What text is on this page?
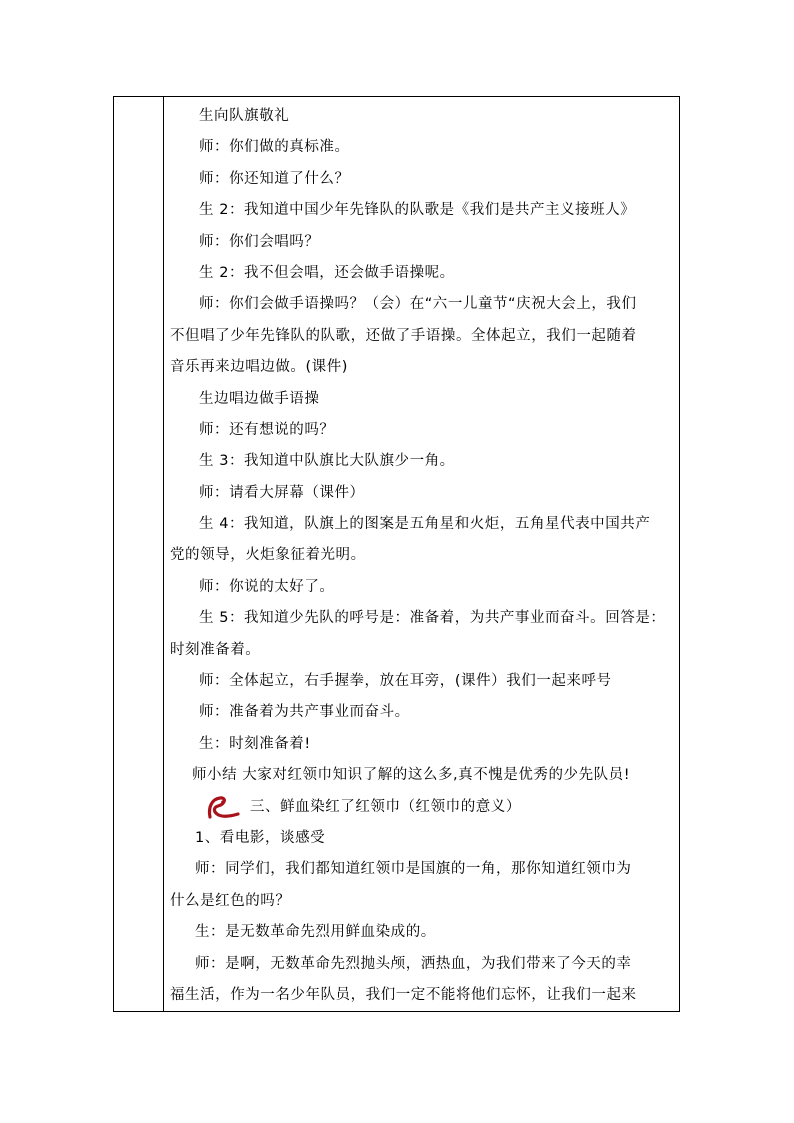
生向队旗敬礼
师：你们做的真标准。
师：你还知道了什么？
生 2：我知道中国少年先锋队的队歌是《我们是共产主义接班人》
师：你们会唱吗？
生 2：我不但会唱，还会做手语操呢。
师：你们会做手语操吗？（会）在“六一儿童节“庆祝大会上，我们
不但唱了少年先锋队的队歌，还做了手语操。全体起立，我们一起随着
音乐再来边唱边做。(课件)
生边唱边做手语操
师：还有想说的吗？
生 3：我知道中队旗比大队旗少一角。
师：请看大屏幕（课件）
生 4：我知道，队旗上的图案是五角星和火炬，五角星代表中国共产
党的领导，火炬象征着光明。
师：你说的太好了。
生 5：我知道少先队的呼号是：准备着，为共产事业而奋斗。回答是：
时刻准备着。
师：全体起立，右手握拳，放在耳旁，(课件）我们一起来呼号
师：准备着为共产事业而奋斗。
生：时刻准备着!
师小结 大家对红领巾知识了解的这么多,真不愧是优秀的少先队员!
三、鲜血染红了红领巾（红领巾的意义）
1、看电影，谈感受
师：同学们，我们都知道红领巾是国旗的一角，那你知道红领巾为
什么是红色的吗？
生：是无数革命先烈用鲜血染成的。
师：是啊，无数革命先烈抛头颅，洒热血，为我们带来了今天的幸
福生活，作为一名少年队员，我们一定不能将他们忘怀，让我们一起来
